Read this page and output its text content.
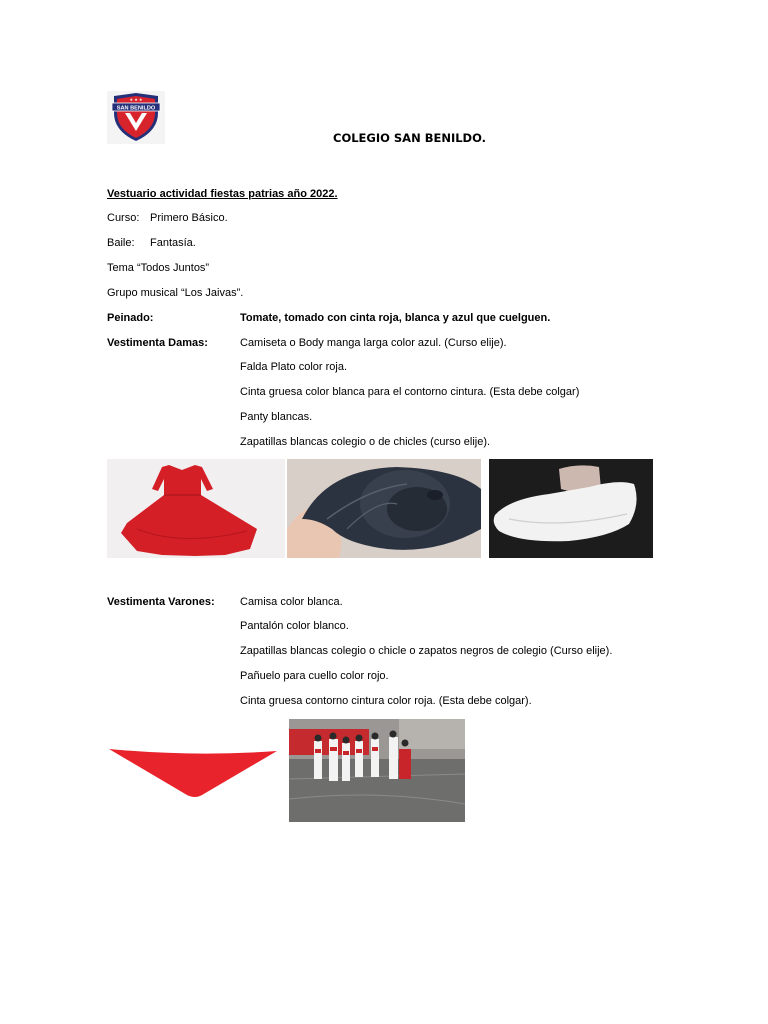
SAN BENILDO
★ ★ ★
COLEGIO SAN BENILDO.
Vestuario actividad fiestas patrias año 2022.
Curso: Primero Básico.
Baile: Fantasía.
Tema “Todos Juntos”
Grupo musical “Los Jaivas”.
Peinado:	Tomate, tomado con cinta roja, blanca y azul que cuelguen.
Vestimenta Damas:	Camiseta o Body manga larga color azul. (Curso elije).
Falda Plato color roja.
Cinta gruesa color blanca para el contorno cintura. (Esta debe colgar)
Panty blancas.
Zapatillas blancas colegio o de chicles (curso elije).
Vestimenta Varones: Camisa color blanca.
Pantalón color blanco.
Zapatillas blancas colegio o chicle o zapatos negros de colegio (Curso elije).
Pañuelo para cuello color rojo.
Cinta gruesa contorno cintura color roja. (Esta debe colgar).
